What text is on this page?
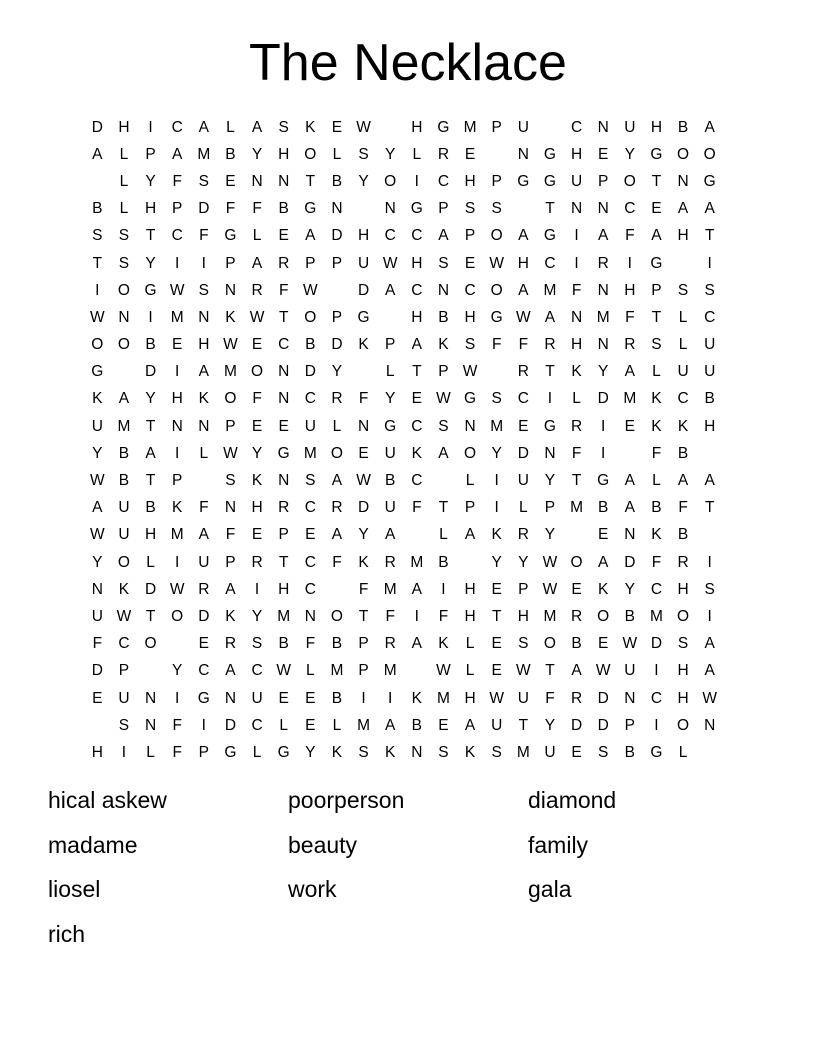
The Necklace
D H	I	C	A	L	A	S	K	E W
	H G M P	U
	C N U H	B	A
A	L	P	A M B	Y	H O	L	S	Y	L	R	E
	N G H	E	Y G O O

L	Y	F	S	E	N N	T	B	Y O	I	C H	P G G U	P O	T	N G
B	L	H	P	D	F	F	B G N
	N G P	S	S
	T	N N C	E	A	A
S	S	T	C	F	G	L	E	A	D H C C	A	P O A G	I	A	F	A	H	T
T	S	Y	I	I	P	A	R	P	P	U W H	S	E W H C	I	R	I	G
	I
I	O G W S	N R	F W
	D	A	C N C O A M F	N H	P	S	S
W N	I	M N	K W T	O P G
	H	B	H G W A	N M F	T	L	C
O O B	E	H W E	C	B	D	K	P	A	K	S	F	F	R H N R	S	L	U
G
	D	I	A M O N D	Y
	L	T	P W
	R	T	K	Y	A	L	U U
K	A	Y	H	K O	F	N C R	F	Y	E W G S	C	I	L	D M K	C	B
U M T	N N	P	E	E	U	L	N G C	S	N M E G R	I	E	K	K	H
Y	B	A	I	L W Y G M O E	U	K	A O Y	D N	F	I
	F	B

W B	T	P
	S	K	N	S	A W B	C
	L	I	U	Y	T	G A	L	A	A
A	U	B	K	F	N H R C R D U	F	T	P	I	L	P M B	A	B	F	T
W U H M A	F	E	P	E	A	Y	A
	L	A	K	R	Y
	E	N	K	B

Y O	L	I	U	P	R	T	C	F	K	R M B
	Y	Y W O A	D	F	R	I
N	K	D W R	A	I	H C
	F M A	I	H	E	P W E	K	Y	C H	S
U W T	O D	K	Y M N O	T	F	I	F	H	T	H M R O B M O	I
F	C O
	E	R	S	B	F	B	P	R	A	K	L	E	S O B	E W D	S	A
D	P
	Y	C	A	C W L	M P M
	W L	E W T	A W U	I	H	A
E	U N	I	G N U	E	E	B	I	I	K M H W U	F	R D N C H W

S	N	F	I	D C	L	E	L	M A	B	E	A	U	T	Y	D D	P	I	O N
H	I	L	F	P G	L	G Y	K	S	K	N	S	K	S M U	E	S	B G	L

hical askew	poorperson	diamond
madame	beauty	family
liosel	work	gala
rich
